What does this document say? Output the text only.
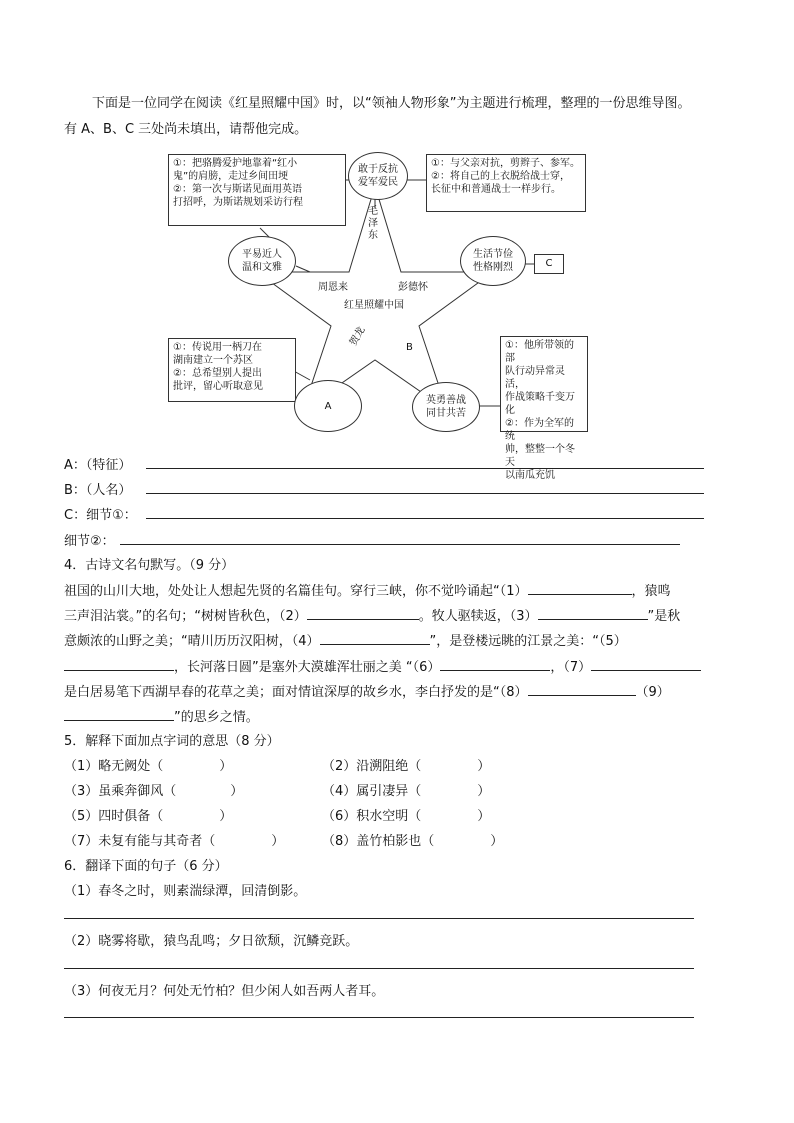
下面是一位同学在阅读《红星照耀中国》时，以“领袖人物形象”为主题进行梳理，整理的一份思维导图。
有 A、B、C 三处尚未填出，请帮他完成。
①：把骆腾爱护地靠着“红小
鬼”的肩膀，走过乡间田埂
②：第一次与斯诺见面用英语
打招呼，为斯诺规划采访行程
敢于反抗
爱军爱民
①：与父亲对抗，剪辫子、参军。
②：将自己的上衣脱给战士穿，
长征中和普通战士一样步行。
平易近人
温和文雅
生活节俭
性格刚烈	C
毛泽东
周恩来	彭德怀
红星照耀中国
贺龙	B
①：传说用一柄刀在
湖南建立一个苏区
②：总希望别人提出
批评，留心听取意见
A	英勇善战
同甘共苦
①：他所带领的部
队行动异常灵活，
作战策略千变万化
②：作为全军的统
帅，整整一个冬天
以南瓜充饥
A：（特征）
B：（人名）
C：细节①：
细节②：
4．古诗文名句默写。（9 分）
祖国的山川大地，处处让人想起先贤的名篇佳句。穿行三峡，你不觉吟诵起“（1）	，猿鸣
三声泪沾裳。”的名句；“树树皆秋色，（2）	。牧人驱犊返，（3）	”是秋
意颇浓的山野之美；“晴川历历汉阳树，（4）	”，是登楼远眺的江景之美：“（5）
，长河落日圆”是塞外大漠雄浑壮丽之美 “（6）	，（7）
是白居易笔下西湖早春的花草之美；面对情谊深厚的故乡水，李白抒发的是“（8）	（9）
”的思乡之情。
5．解释下面加点字词的意思（8 分）
（1）略无阙处（	）	（2）沿溯阻绝（	）
（3）虽乘奔御风（	）	（4）属引凄异（	）
（5）四时俱备（	）	（6）积水空明（	）
（7）未复有能与其奇者（	）	（8）盖竹柏影也（	）
6．翻译下面的句子（6 分）
（1）春冬之时，则素湍绿潭，回清倒影。
（2）晓雾将歇，猿鸟乱鸣；夕日欲颓，沉鳞竞跃。
（3）何夜无月？何处无竹柏？但少闲人如吾两人者耳。
